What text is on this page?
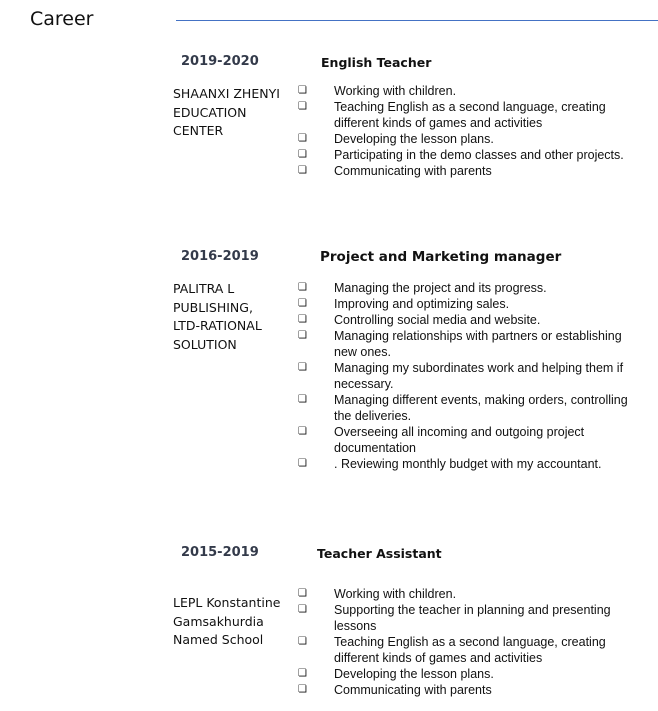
Career
2019-2020	English Teacher
SHAANXI ZHENYI
EDUCATION
CENTER
❏ Working with children.
❏ Teaching English as a second language, creating different kinds of games and activities
❏ Developing the lesson plans.
❏ Participating in the demo classes and other projects.
❏ Communicating with parents
2016-2019	Project and Marketing manager
PALITRA L
PUBLISHING,
LTD-RATIONAL
SOLUTION
❏ Managing the project and its progress.
❏ Improving and optimizing sales.
❏ Controlling social media and website.
❏ Managing relationships with partners or establishing new ones.
❏ Managing my subordinates work and helping them if necessary.
❏ Managing different events, making orders, controlling the deliveries.
❏ Overseeing all incoming and outgoing project documentation
❏ . Reviewing monthly budget with my accountant.
2015-2019	Teacher Assistant
LEPL Konstantine
Gamsakhurdia
Named School
❏ Working with children.
❏ Supporting the teacher in planning and presenting lessons
❏ Teaching English as a second language, creating different kinds of games and activities
❏ Developing the lesson plans.
❏ Communicating with parents
